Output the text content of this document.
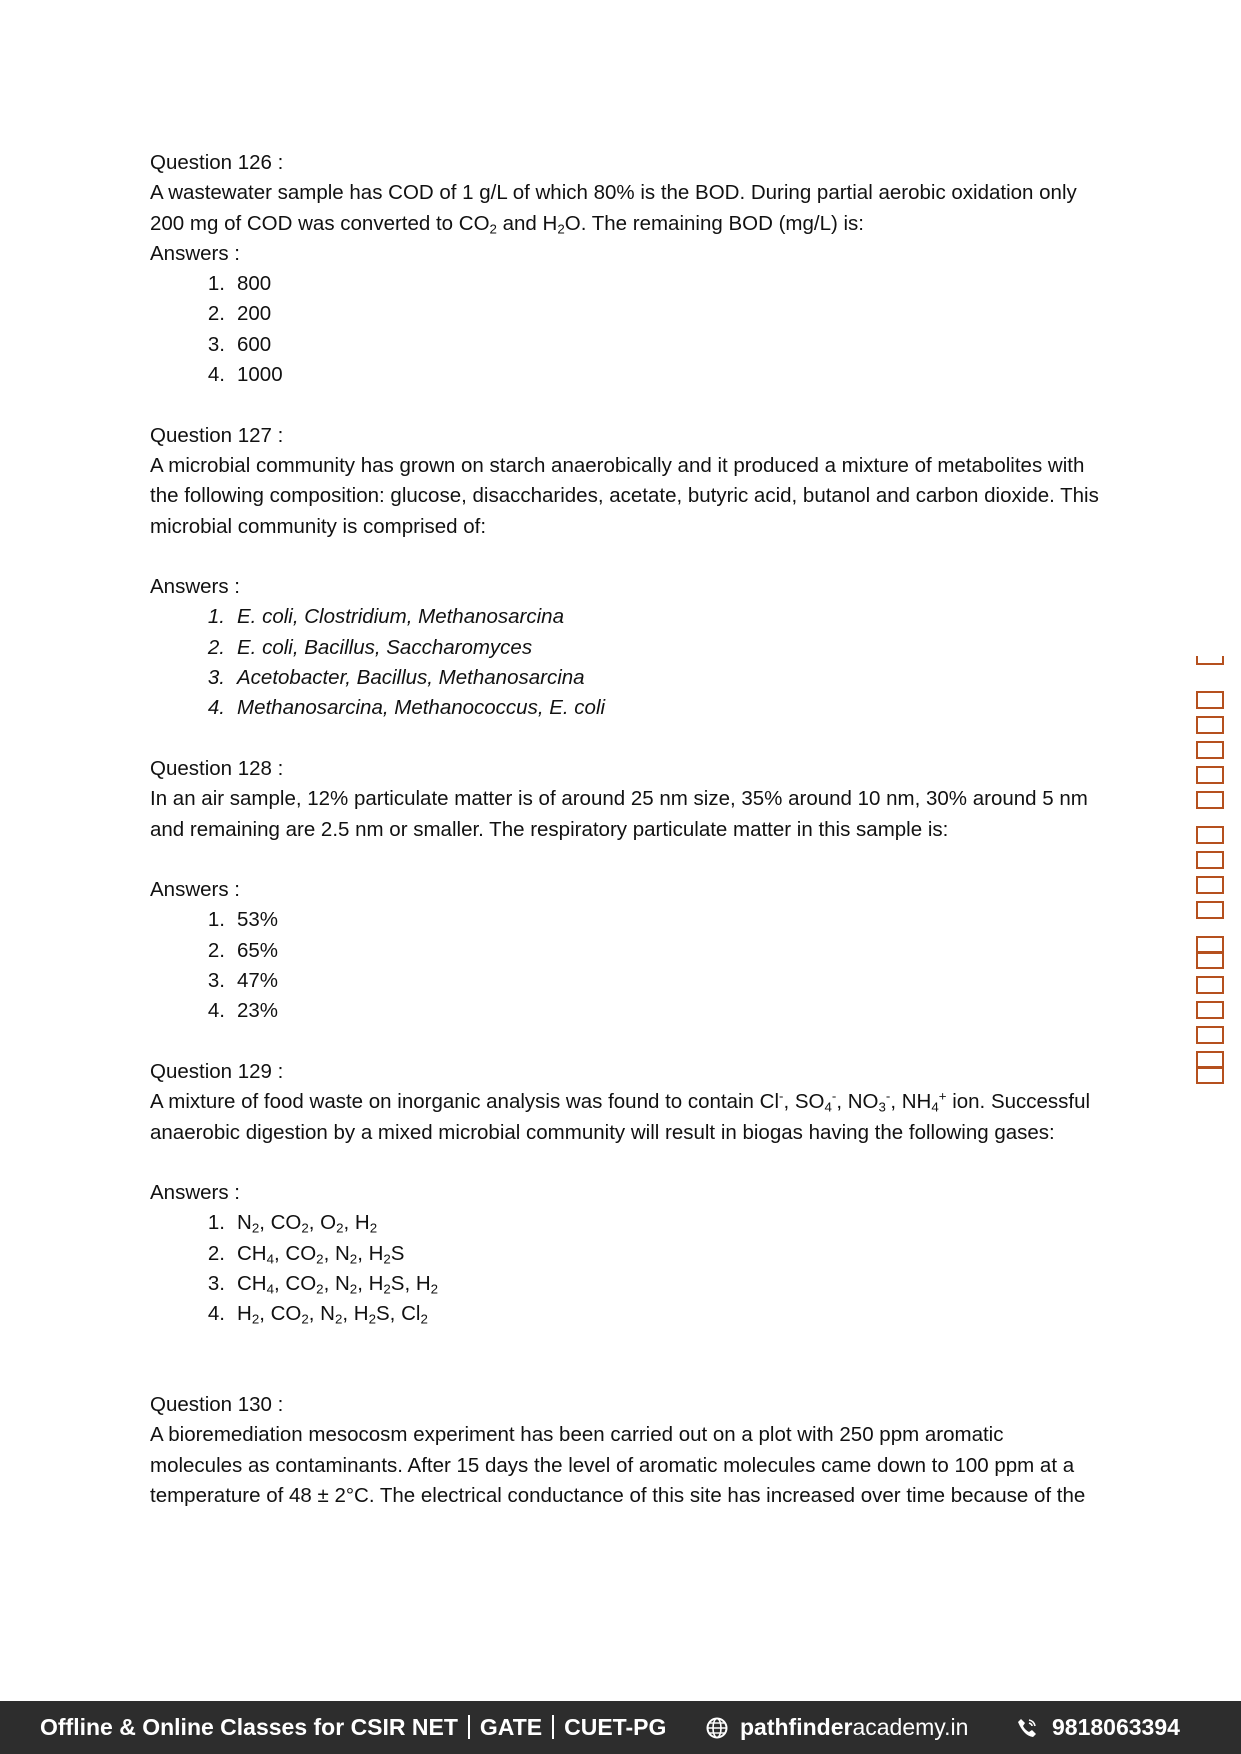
Question 126 :

A wastewater sample has COD of 1 g/L of which 80% is the BOD. During partial aerobic oxidation only 200 mg of COD was converted to $CO_2$ and $H_2O$. The remaining BOD (mg/L) is:

Answers :

1. 800
2. 200
3. 600
4. 1000

Question 127 :

A microbial community has grown on starch anaerobically and it produced a mixture of metabolites with the following composition: glucose, disaccharides, acetate, butyric acid, butanol and carbon dioxide. This microbial community is comprised of:

Answers :

1. E. coli, Clostridium, Methanosarcina
2. E. coli, Bacillus, Saccharomyces
3. Acetobacter, Bacillus, Methanosarcina
4. Methanosarcina, Methanococcus, E. coli

Question 128 :

In an air sample, 12% particulate matter is of around 25 nm size, 35% around 10 nm, 30% around 5 nm and remaining are 2.5 nm or smaller. The respiratory particulate matter in this sample is:

Answers :

1. 53%
2. 65%
3. 47%
4. 23%

Question 129 :

A mixture of food waste on inorganic analysis was found to contain Cl-, $SO_4^-$, $NO_3^-$, $NH_4^+$ ion. Successful anaerobic digestion by a mixed microbial community will result in biogas having the following gases:

Answers :

1. $N_2$, $CO_2$, $O_2$, $H_2$
2. $CH_4$, $CO_2$, $N_2$, $H_2S$
3. $CH_4$, $CO_2$, $N_2$, $H_2S$, $H_2$
4. $H_2$, $CO_2$, $N_2$, $H_2S$, $Cl_2$

Question 130 :

A bioremediation mesocosm experiment has been carried out on a plot with 250 ppm aromatic molecules as contaminants. After 15 days the level of aromatic molecules came down to 100 ppm at a temperature of 48 ± 2°C. The electrical conductance of this site has increased over time because of the

Offline & Online Classes for CSIR NET GATE CUET-PG	pathfinderacademy.in	9818063394
